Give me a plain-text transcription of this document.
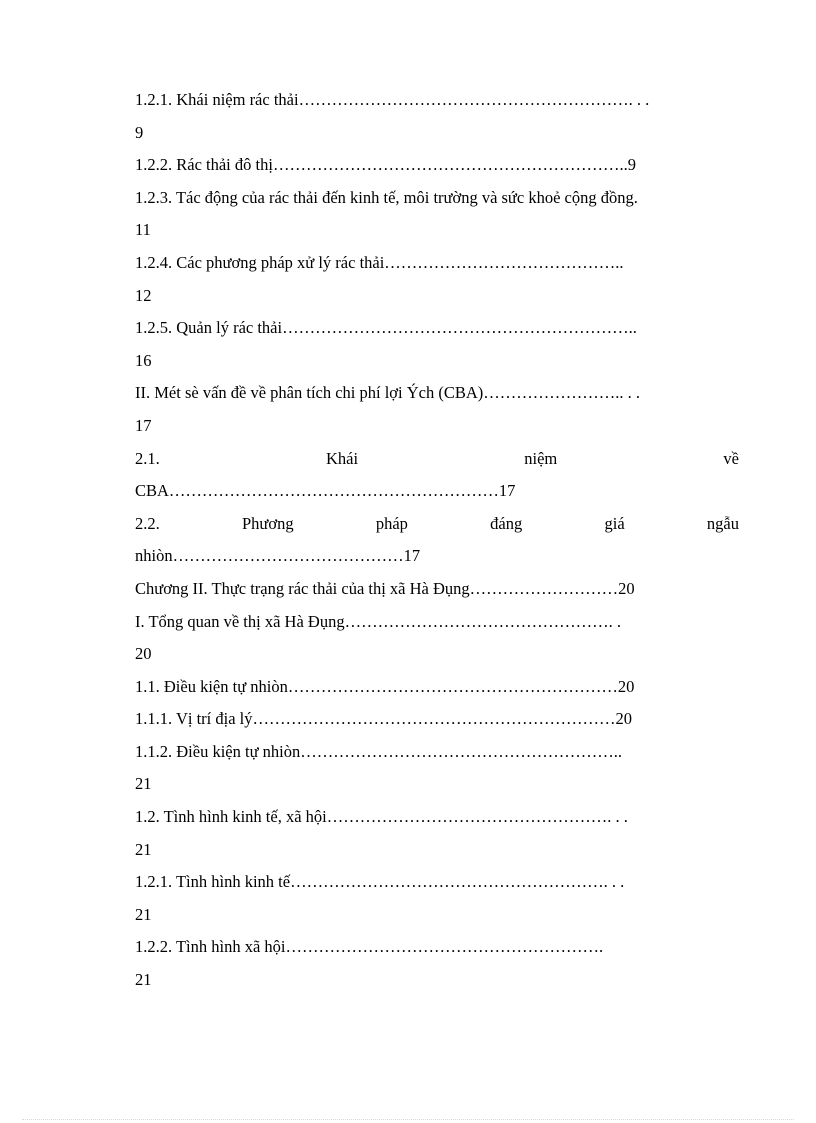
1.2.1. Khái niệm rác thải……………………………………………………. . .
9
1.2.2. Rác thải đô thị………………………………………………………..9
1.2.3. Tác động của rác thải đến kinh tế, môi trường và sức khoẻ cộng đồng.
11
1.2.4. Các phương pháp xử lý rác thải……………………………………..
12
1.2.5. Quản lý rác thải………………………………………………………..
16
II. Mét sè vấn đề về phân tích chi phí lợi Ých (CBA)…………………….. . .
17
2.1. Khái niệm về
CBA……………………………………………………17
2.2. Phương pháp đáng giá ngẫu
nhiòn……………………………………17
Chương II. Thực trạng rác thải của thị xã Hà Đụng………………………20
I. Tổng quan về thị xã Hà Đụng…………………………………………. .
20
1.1. Điều kiện tự nhiòn……………………………………………………20
1.1.1. Vị trí địa lý…………………………………………………………20
1.1.2. Điều kiện tự nhiòn…………………………………………………..
21
1.2. Tình hình kinh tế, xã hội……………………………………………. . .
21
1.2.1. Tình hình kinh tế…………………………………………………. . .
21
1.2.2. Tình hình xã hội………………………………………………….
21
